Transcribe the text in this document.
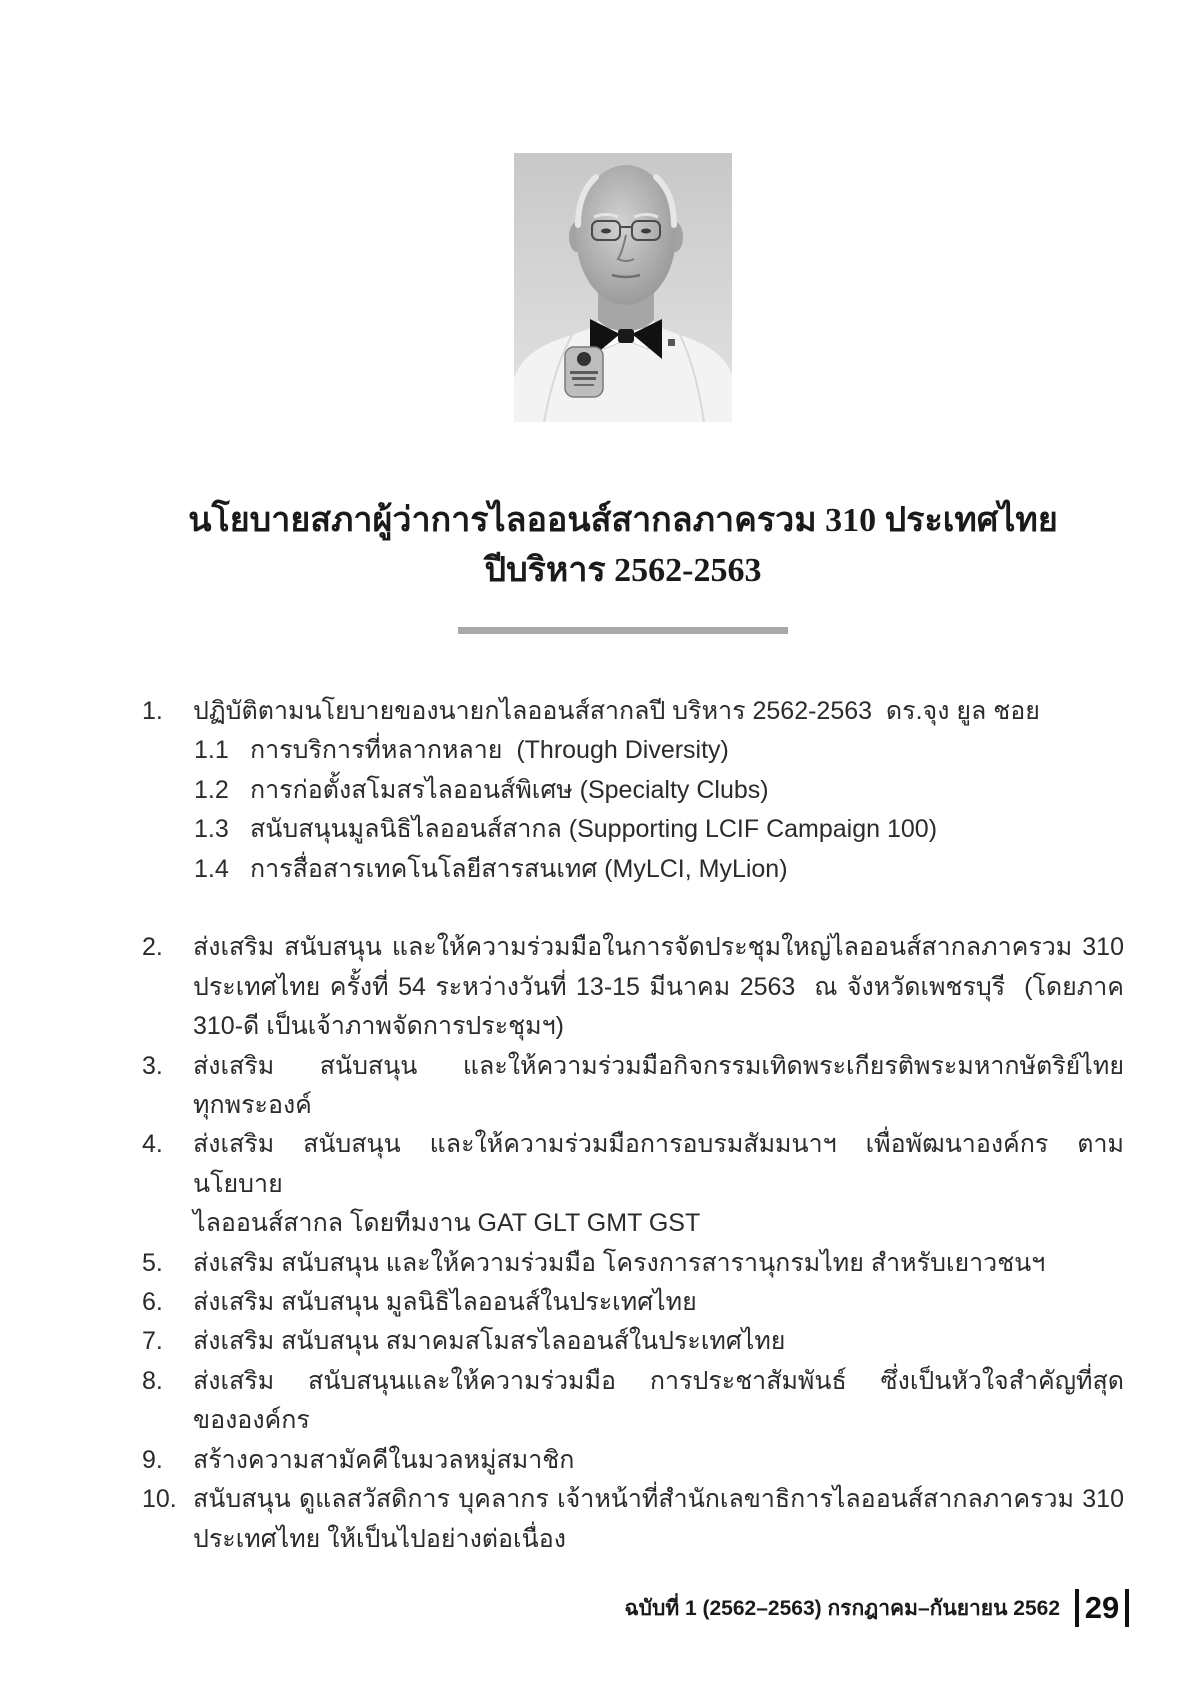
นโยบายสภาผู้ว่าการไลออนส์สากลภาครวม 310 ประเทศไทย
ปีบริหาร 2562-2563
1.	ปฏิบัติตามนโยบายของนายกไลออนส์สากลปี บริหาร 2562-2563  ดร.จุง ยูล ชอย
1.1 การบริการที่หลากหลาย  (Through Diversity)
1.2 การก่อตั้งสโมสรไลออนส์พิเศษ (Specialty Clubs)
1.3 สนับสนุนมูลนิธิไลออนส์สากล (Supporting LCIF Campaign 100)
1.4 การสื่อสารเทคโนโลยีสารสนเทศ (MyLCI, MyLion)
2.	ส่งเสริม สนับสนุน และให้ความร่วมมือในการจัดประชุมใหญ่ไลออนส์สากลภาครวม 310
ประเทศไทย ครั้งที่ 54 ระหว่างวันที่ 13-15 มีนาคม 2563  ณ จังหวัดเพชรบุรี  (โดยภาค
310-ดี เป็นเจ้าภาพจัดการประชุมฯ)
3.	ส่งเสริม  สนับสนุน  และให้ความร่วมมือกิจกรรมเทิดพระเกียรติพระมหากษัตริย์ไทย
ทุกพระองค์
4.	ส่งเสริม สนับสนุน และให้ความร่วมมือการอบรมสัมมนาฯ เพื่อพัฒนาองค์กร ตามนโยบาย
ไลออนส์สากล โดยทีมงาน GAT GLT GMT GST
5.	ส่งเสริม สนับสนุน และให้ความร่วมมือ โครงการสารานุกรมไทย สำหรับเยาวชนฯ
6.	ส่งเสริม สนับสนุน มูลนิธิไลออนส์ในประเทศไทย
7.	ส่งเสริม สนับสนุน สมาคมสโมสรไลออนส์ในประเทศไทย
8.	ส่งเสริม  สนับสนุนและให้ความร่วมมือ  การประชาสัมพันธ์  ซึ่งเป็นหัวใจสำคัญที่สุด
ขององค์กร
9.	สร้างความสามัคคีในมวลหมู่สมาชิก
10. สนับสนุน ดูแลสวัสดิการ บุคลากร เจ้าหน้าที่สำนักเลขาธิการไลออนส์สากลภาครวม 310
ประเทศไทย ให้เป็นไปอย่างต่อเนื่อง
ฉบับที่ 1 (2562–2563) กรกฎาคม–กันยายน 2562 29
